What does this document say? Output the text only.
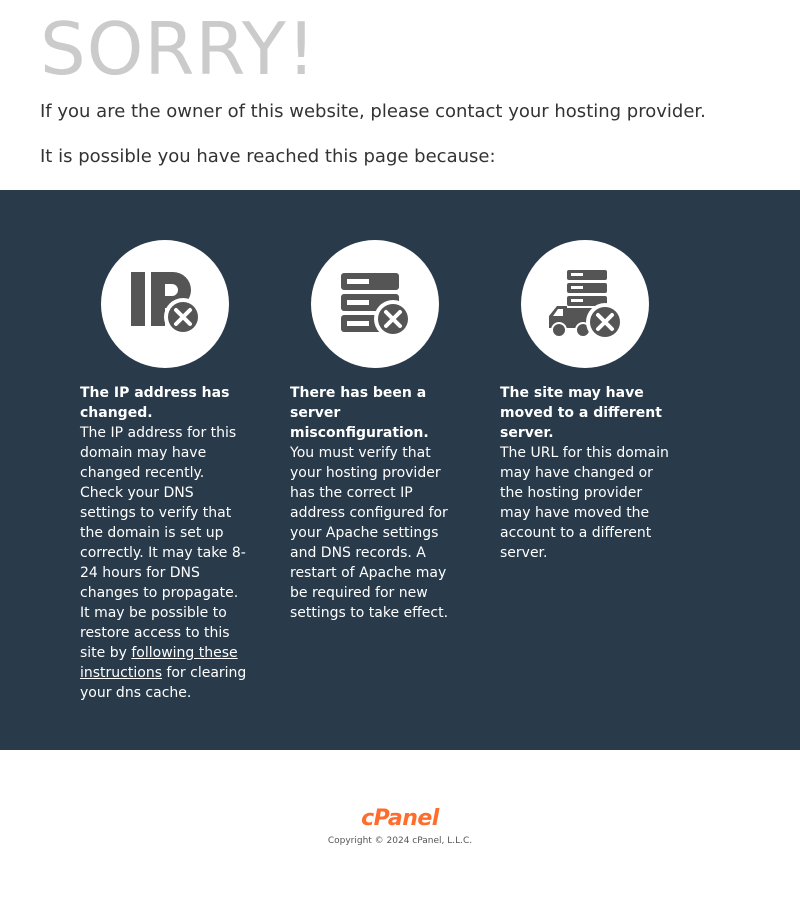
SORRY!

If you are the owner of this website, please contact your hosting provider.

It is possible you have reached this page because:

The IP address has changed.

The IP address for this domain may have changed recently. Check your DNS settings to verify that the domain is set up correctly. It may take 8-24 hours for DNS changes to propagate. It may be possible to restore access to this site by following these instructions for clearing your dns cache.

There has been a server misconfiguration.

You must verify that your hosting provider has the correct IP address configured for your Apache settings and DNS records. A restart of Apache may be required for new settings to take effect.

The site may have moved to a different server.

The URL for this domain may have changed or the hosting provider may have moved the account to a different server.

cPanel
Copyright © 2024 cPanel, L.L.C.
